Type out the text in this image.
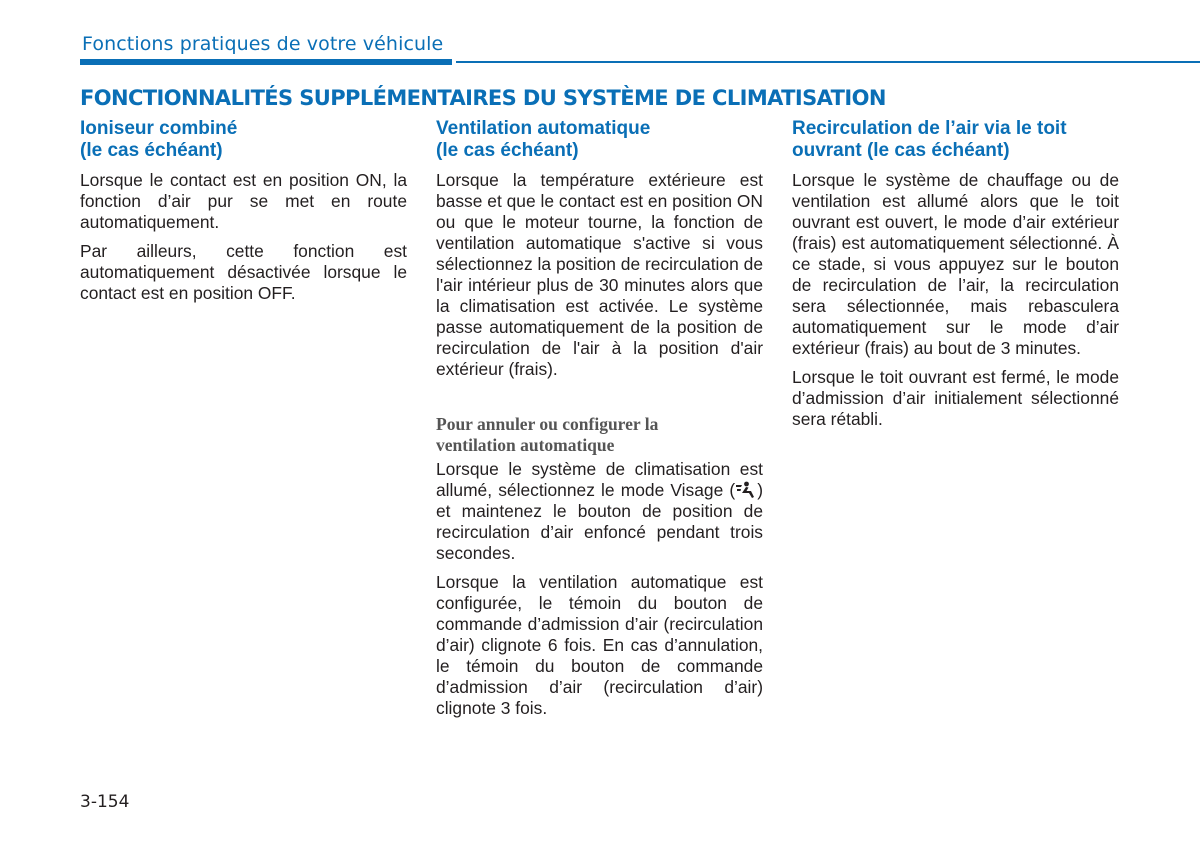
Fonctions pratiques de votre véhicule
FONCTIONNALITÉS SUPPLÉMENTAIRES DU SYSTÈME DE CLIMATISATION
Ioniseur combiné
(le cas échéant)

Lorsque le contact est en position ON, la fonction d’air pur se met en route automatiquement.

Par ailleurs, cette fonction est automatiquement désactivée lorsque le contact est en position OFF.

Ventilation automatique
(le cas échéant)

Lorsque la température extérieure est basse et que le contact est en position ON ou que le moteur tourne, la fonction de ventilation automatique s'active si vous sélectionnez la position de recirculation de l'air intérieur plus de 30 minutes alors que la climatisation est activée. Le système passe automatiquement de la position de recirculation de l'air à la position d'air extérieur (frais).

Pour annuler ou configurer la
ventilation automatique

Lorsque le système de climatisation est allumé, sélectionnez le mode Visage ( ) et maintenez le bouton de position de recirculation d’air enfoncé pendant trois secondes.

Lorsque la ventilation automatique est configurée, le témoin du bouton de commande d’admission d’air (recirculation d’air) clignote 6 fois. En cas d’annulation, le témoin du bouton de commande d’admission d’air (recirculation d’air) clignote 3 fois.

Recirculation de l’air via le toit
ouvrant (le cas échéant)

Lorsque le système de chauffage ou de ventilation est allumé alors que le toit ouvrant est ouvert, le mode d’air extérieur (frais) est automatiquement sélectionné. À ce stade, si vous appuyez sur le bouton de recirculation de l’air, la recirculation sera sélectionnée, mais rebasculera automatiquement sur le mode d’air extérieur (frais) au bout de 3 minutes.

Lorsque le toit ouvrant est fermé, le mode d’admission d’air initialement sélectionné sera rétabli.

3-154
